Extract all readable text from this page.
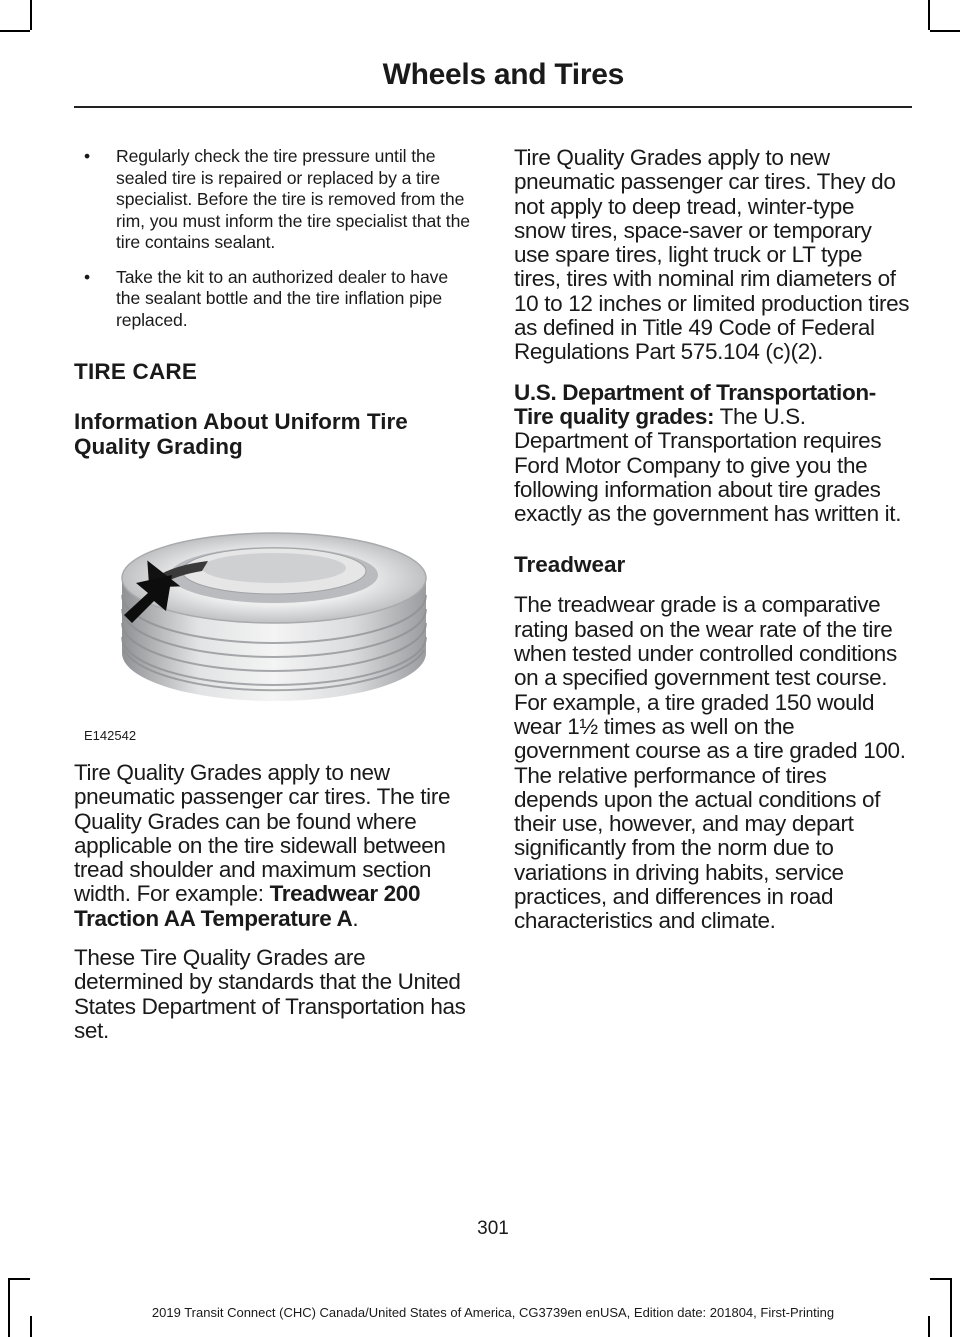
Wheels and Tires
• Regularly check the tire pressure until the sealed tire is repaired or replaced by a tire specialist. Before the tire is removed from the rim, you must inform the tire specialist that the tire contains sealant.
• Take the kit to an authorized dealer to have the sealant bottle and the tire inflation pipe replaced.
TIRE CARE
Information About Uniform Tire Quality Grading
E142542

Tire Quality Grades apply to new pneumatic passenger car tires. The tire Quality Grades can be found where applicable on the tire sidewall between tread shoulder and maximum section width. For example: Treadwear 200 Traction AA Temperature A.

These Tire Quality Grades are determined by standards that the United States Department of Transportation has set.

Tire Quality Grades apply to new pneumatic passenger car tires. They do not apply to deep tread, winter-type snow tires, space-saver or temporary use spare tires, light truck or LT type tires, tires with nominal rim diameters of 10 to 12 inches or limited production tires as defined in Title 49 Code of Federal Regulations Part 575.104 (c)(2).

U.S. Department of Transportation-Tire quality grades: The U.S. Department of Transportation requires Ford Motor Company to give you the following information about tire grades exactly as the government has written it.

Treadwear

The treadwear grade is a comparative rating based on the wear rate of the tire when tested under controlled conditions on a specified government test course. For example, a tire graded 150 would wear 1½ times as well on the government course as a tire graded 100. The relative performance of tires depends upon the actual conditions of their use, however, and may depart significantly from the norm due to variations in driving habits, service practices, and differences in road characteristics and climate.

301
2019 Transit Connect (CHC) Canada/United States of America, CG3739en enUSA, Edition date: 201804, First-Printing
